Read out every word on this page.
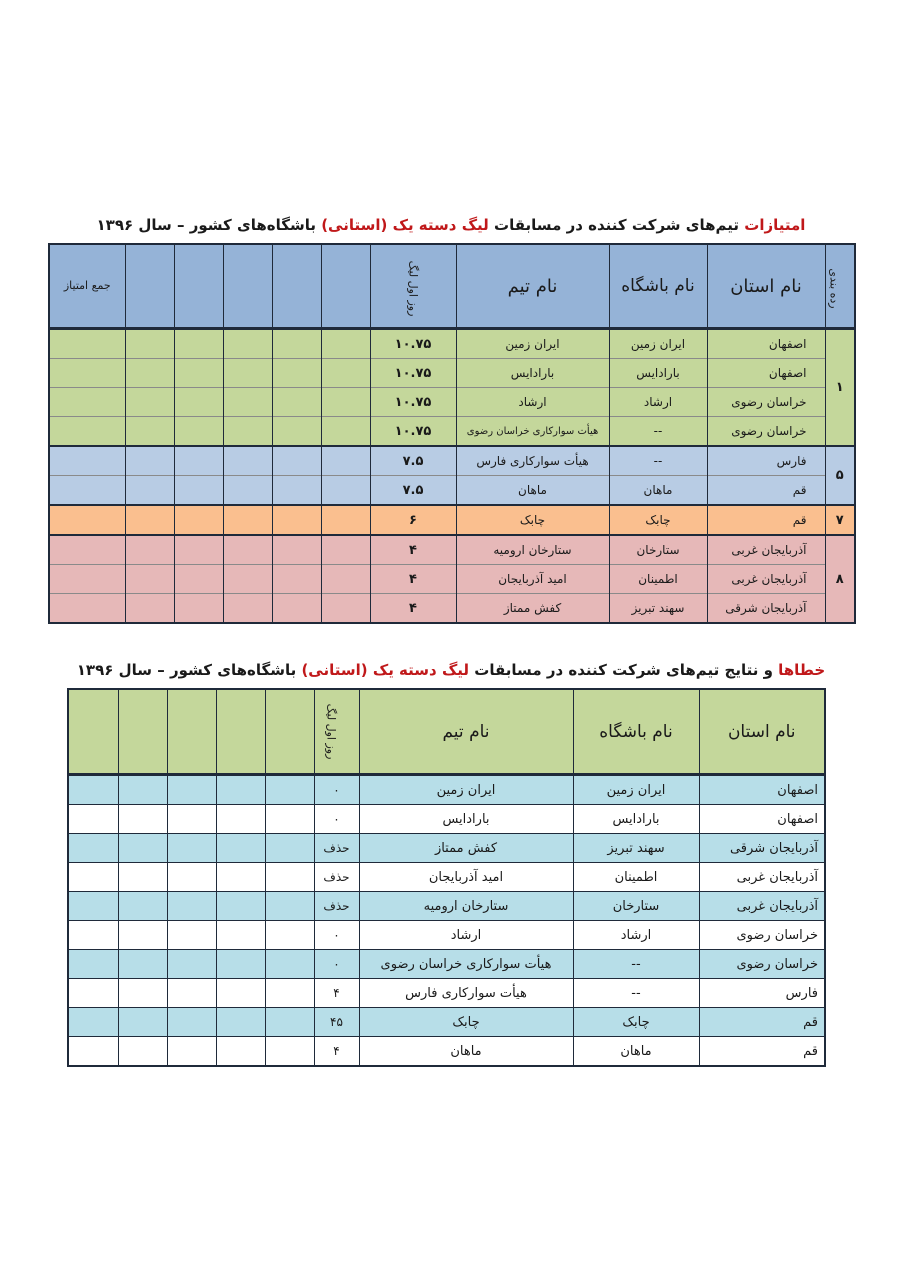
امتیازات تیم‌های شرکت کننده در مسابقات لیگ دسته یک (استانی) باشگاه‌های کشور – سال ۱۳۹۶
رده بندی	نام استان	نام باشگاه	نام تیم	روز اول لیگ						جمع امتیاز
۱	اصفهان	ایران زمین	ایران زمین	۱۰.۷۵						
	اصفهان	بارادایس	بارادایس	۱۰.۷۵						
	خراسان رضوی	ارشاد	ارشاد	۱۰.۷۵						
	خراسان رضوی	--	هیأت سوارکاری خراسان رضوی	۱۰.۷۵						
۵	فارس	--	هیأت سوارکاری فارس	۷.۵						
	قم	ماهان	ماهان	۷.۵						
۷	قم	چابک	چابک	۶						
۸	آذربایجان غربی	ستارخان	ستارخان ارومیه	۴						
	آذربایجان غربی	اطمینان	امید آذربایجان	۴						
	آذربایجان شرقی	سهند تبریز	کفش ممتاز	۴						
خطاها و نتایج تیم‌های شرکت کننده در مسابقات لیگ دسته یک (استانی) باشگاه‌های کشور – سال ۱۳۹۶
نام استان	نام باشگاه	نام تیم	روز اول لیگ					
اصفهان	ایران زمین	ایران زمین	۰					
اصفهان	بارادایس	بارادایس	۰					
آذربایجان شرقی	سهند تبریز	کفش ممتاز	حذف					
آذربایجان غربی	اطمینان	امید آذربایجان	حذف					
آذربایجان غربی	ستارخان	ستارخان ارومیه	حذف					
خراسان رضوی	ارشاد	ارشاد	۰					
خراسان رضوی	--	هیأت سوارکاری خراسان رضوی	۰					
فارس	--	هیأت سوارکاری فارس	۴					
قم	چابک	چابک	۴۵					
قم	ماهان	ماهان	۴					
